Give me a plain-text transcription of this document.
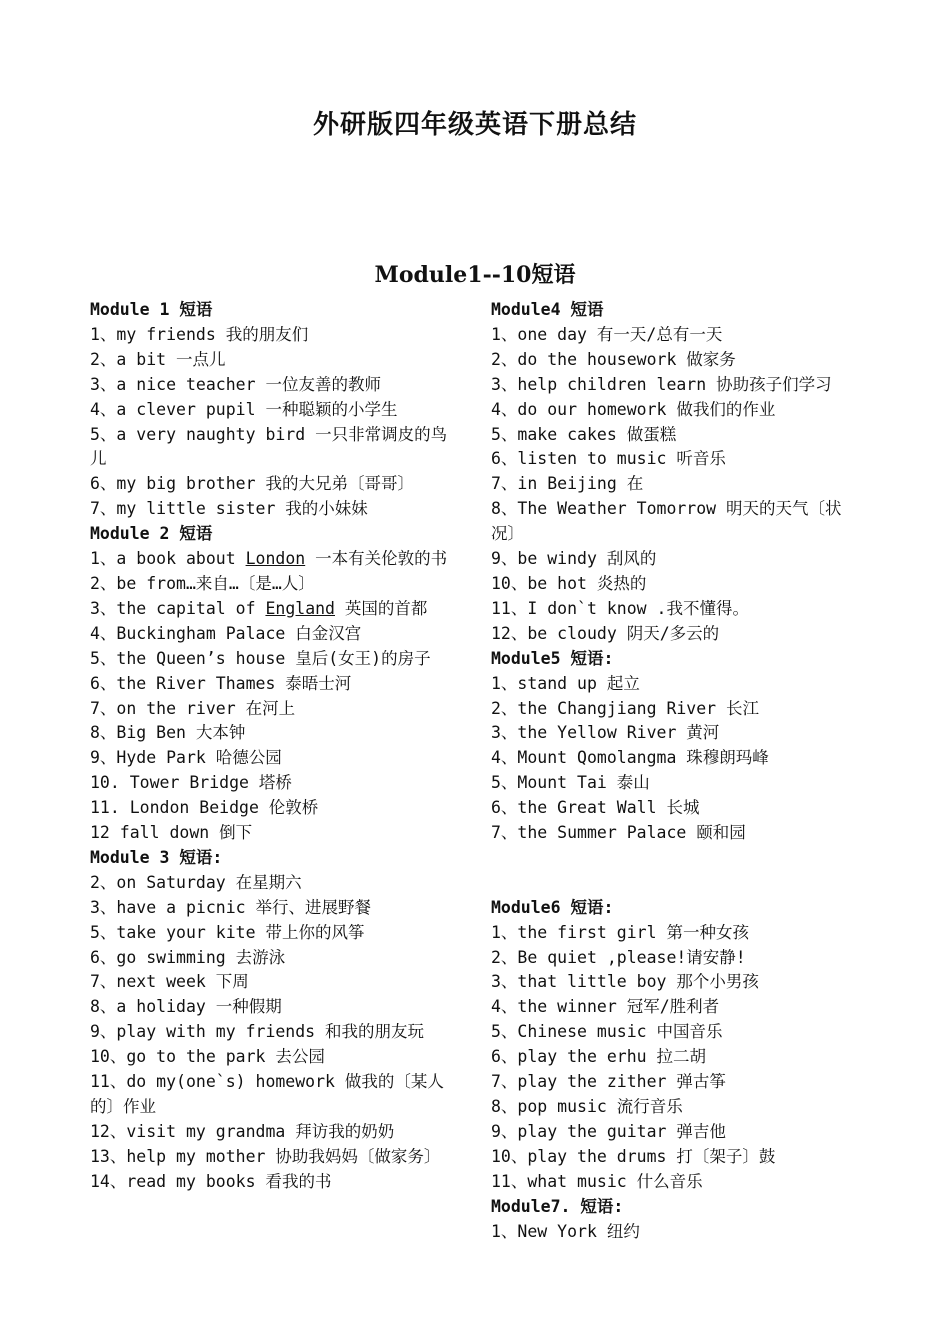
外研版四年级英语下册总结
Module1--10短语
Module 1 短语
1、my friends 我的朋友们
2、a bit 一点儿
3、a nice teacher 一位友善的教师
4、a clever pupil 一种聪颖的小学生
5、a very naughty bird 一只非常调皮的鸟儿
6、my big brother 我的大兄弟〔哥哥〕
7、my little sister 我的小妹妹
Module 2 短语
1、a book about London 一本有关伦敦的书
2、be from…来自…〔是…人〕
3、the capital of England 英国的首都
4、Buckingham Palace 白金汉宫
5、the Queen’s house 皇后(女王)的房子
6、the River Thames 泰晤士河
7、on the river 在河上
8、Big Ben 大本钟
9、Hyde Park 哈德公园
10. Tower Bridge 塔桥
11. London Beidge 伦敦桥
12 fall down 倒下
Module 3 短语:
2、on Saturday 在星期六
3、have a picnic 举行、进展野餐
5、take your kite 带上你的风筝
6、go swimming 去游泳
7、next week 下周
8、a holiday 一种假期
9、play with my friends 和我的朋友玩
10、go to the park 去公园
11、do my(one`s) homework 做我的〔某人的〕作业
12、visit my grandma 拜访我的奶奶
13、help my mother 协助我妈妈〔做家务〕
14、read my books 看我的书
Module4 短语
1、one day 有一天/总有一天
2、do the housework 做家务
3、help children learn 协助孩子们学习
4、do our homework 做我们的作业
5、make cakes 做蛋糕
6、listen to music 听音乐
7、in Beijing 在
8、The Weather Tomorrow 明天的天气〔状况〕
9、be windy 刮风的
10、be hot 炎热的
11、I don`t know .我不懂得。
12、be cloudy 阴天/多云的
Module5 短语:
1、stand up 起立
2、the Changjiang River 长江
3、the Yellow River 黄河
4、Mount Qomolangma 珠穆朗玛峰
5、Mount Tai 泰山
6、the Great Wall 长城
7、the Summer Palace 颐和园
Module6 短语:
1、the first girl 第一种女孩
2、Be quiet ,please!请安静!
3、that little boy 那个小男孩
4、the winner 冠军/胜利者
5、Chinese music 中国音乐
6、play the erhu 拉二胡
7、play the zither 弹古筝
8、pop music 流行音乐
9、play the guitar 弹吉他
10、play the drums 打〔架子〕鼓
11、what music 什么音乐
Module7. 短语:
1、New York 纽约
